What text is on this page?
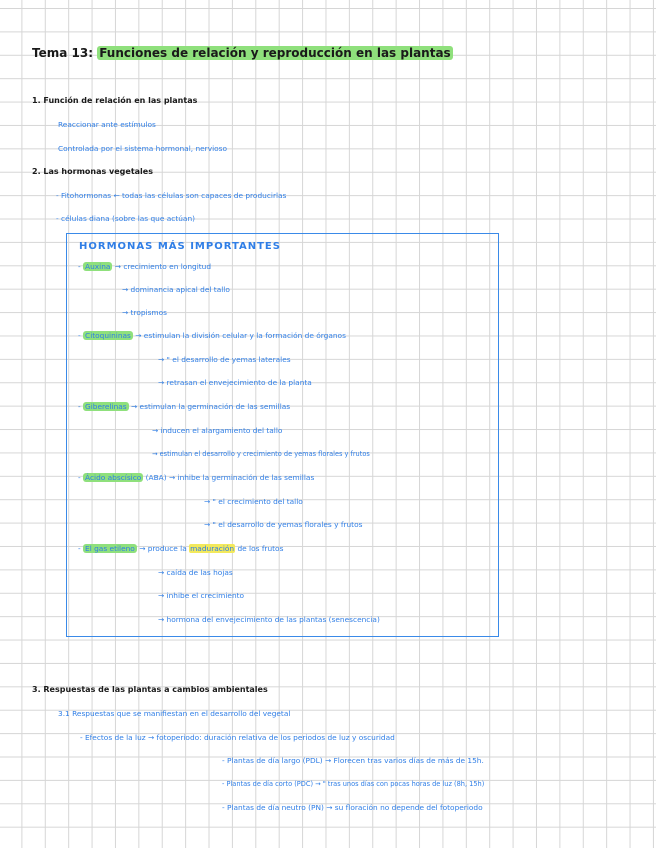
Tema 13: Funciones de relación y reproducción en las plantas
1. Función de relación en las plantas
Reaccionar ante estímulos
Controlada por el sistema hormonal, nervioso
2. Las hormonas vegetales
- Fitohormonas ← todas las células son capaces de producirlas
- células diana (sobre las que actúan)
HORMONAS MÁS IMPORTANTES
- Auxina → crecimiento en longitud
→ dominancia apical del tallo
→ tropismos
- Citoquininas → estimulan la división celular y la formación de órganos
→ " el desarrollo de yemas laterales
→ retrasan el envejecimiento de la planta
- Giberelinas → estimulan la germinación de las semillas
→ inducen el alargamiento del tallo
→ estimulan el desarrollo y crecimiento de yemas florales y frutos
- Ácido abscísico (ABA) → inhibe la germinación de las semillas
→ " el crecimiento del tallo
→ " el desarrollo de yemas florales y frutos
- El gas etileno → produce la maduración de los frutos
→ caída de las hojas
→ inhibe el crecimiento
→ hormona del envejecimiento de las plantas (senescencia)
3. Respuestas de las plantas a cambios ambientales
3.1 Respuestas que se manifiestan en el desarrollo del vegetal
- Efectos de la luz → fotoperiodo: duración relativa de los periodos de luz y oscuridad
- Plantas de día largo (PDL) → Florecen tras varios días de más de 15h.
- Plantas de día corto (PDC) → " tras unos días con pocas horas de luz (8h, 15h)
- Plantas de día neutro (PN) → su floración no depende del fotoperiodo
